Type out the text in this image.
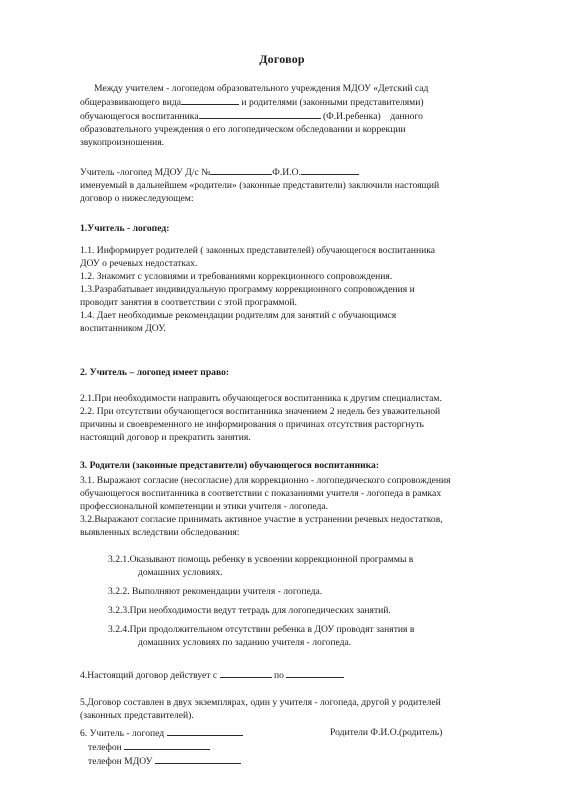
Договор
Между учителем - логопедом образовательного учреждения МДОУ «Детский сад
общеразвивающего вида	и родителями (законными представителями)
обучающегося воспитанника	(Ф.И.ребенка) данного
образовательного учреждения о его логопедическом обследовании и коррекции
звукопроизношения.
Учитель -логопед МДОУ Д/с №	Ф.И.О.
именуемый в дальнейшем «родители» (законные представители) заключили настоящий
договор о нижеследующем:
1.Учитель - логопед:
1.1. Информирует родителей ( законных представителей) обучающегося воспитанника
ДОУ о речевых недостатках.
1.2. Знакомит с условиями и требованиями коррекционного сопровождения.
1.3.Разрабатывает индивидуальную программу коррекционного сопровождения и
проводит занятия в соответствии с этой программой.
1.4. Дает необходимые рекомендации родителям для занятий с обучающимся
воспитанником ДОУ.
2. Учитель – логопед имеет право:
2.1.При необходимости направить обучающегося воспитанника к другим специалистам.
2.2. При отсутствии обучающегося воспитанника значением 2 недель без уважительной
причины и своевременного не информирования о причинах отсутствия расторгнуть
настоящий договор и прекратить занятия.
3. Родители (законные представители) обучающегося воспитанника:
3.1. Выражают согласие (несогласие) для коррекционно - логопедического сопровождения
обучающегося воспитанника в соответствии с показаниями учителя - логопеда в рамках
профессиональной компетенции и этики учителя - логопеда.
3.2.Выражают согласие принимать активное участие в устранении речевых недостатков,
выявленных вследствии обследования:
3.2.1.Оказывают помощь ребенку в усвоении коррекционной программы в
домашних условиях.
3.2.2. Выполняют рекомендации учителя - логопеда.
3.2.3.При необходимости ведут тетрадь для логопедических занятий.
3.2.4.При продолжительном отсутствии ребенка в ДОУ проводят занятия в
домашних условиях по заданию учителя - логопеда.
4.Настоящий договор действует с	по
5.Договор составлен в двух экземплярах, один у учителя - логопеда, другой у родителей
(законных представителей).
6. Учитель - логопед
телефон
телефон МДОУ
Родители Ф.И.О.(родитель)
